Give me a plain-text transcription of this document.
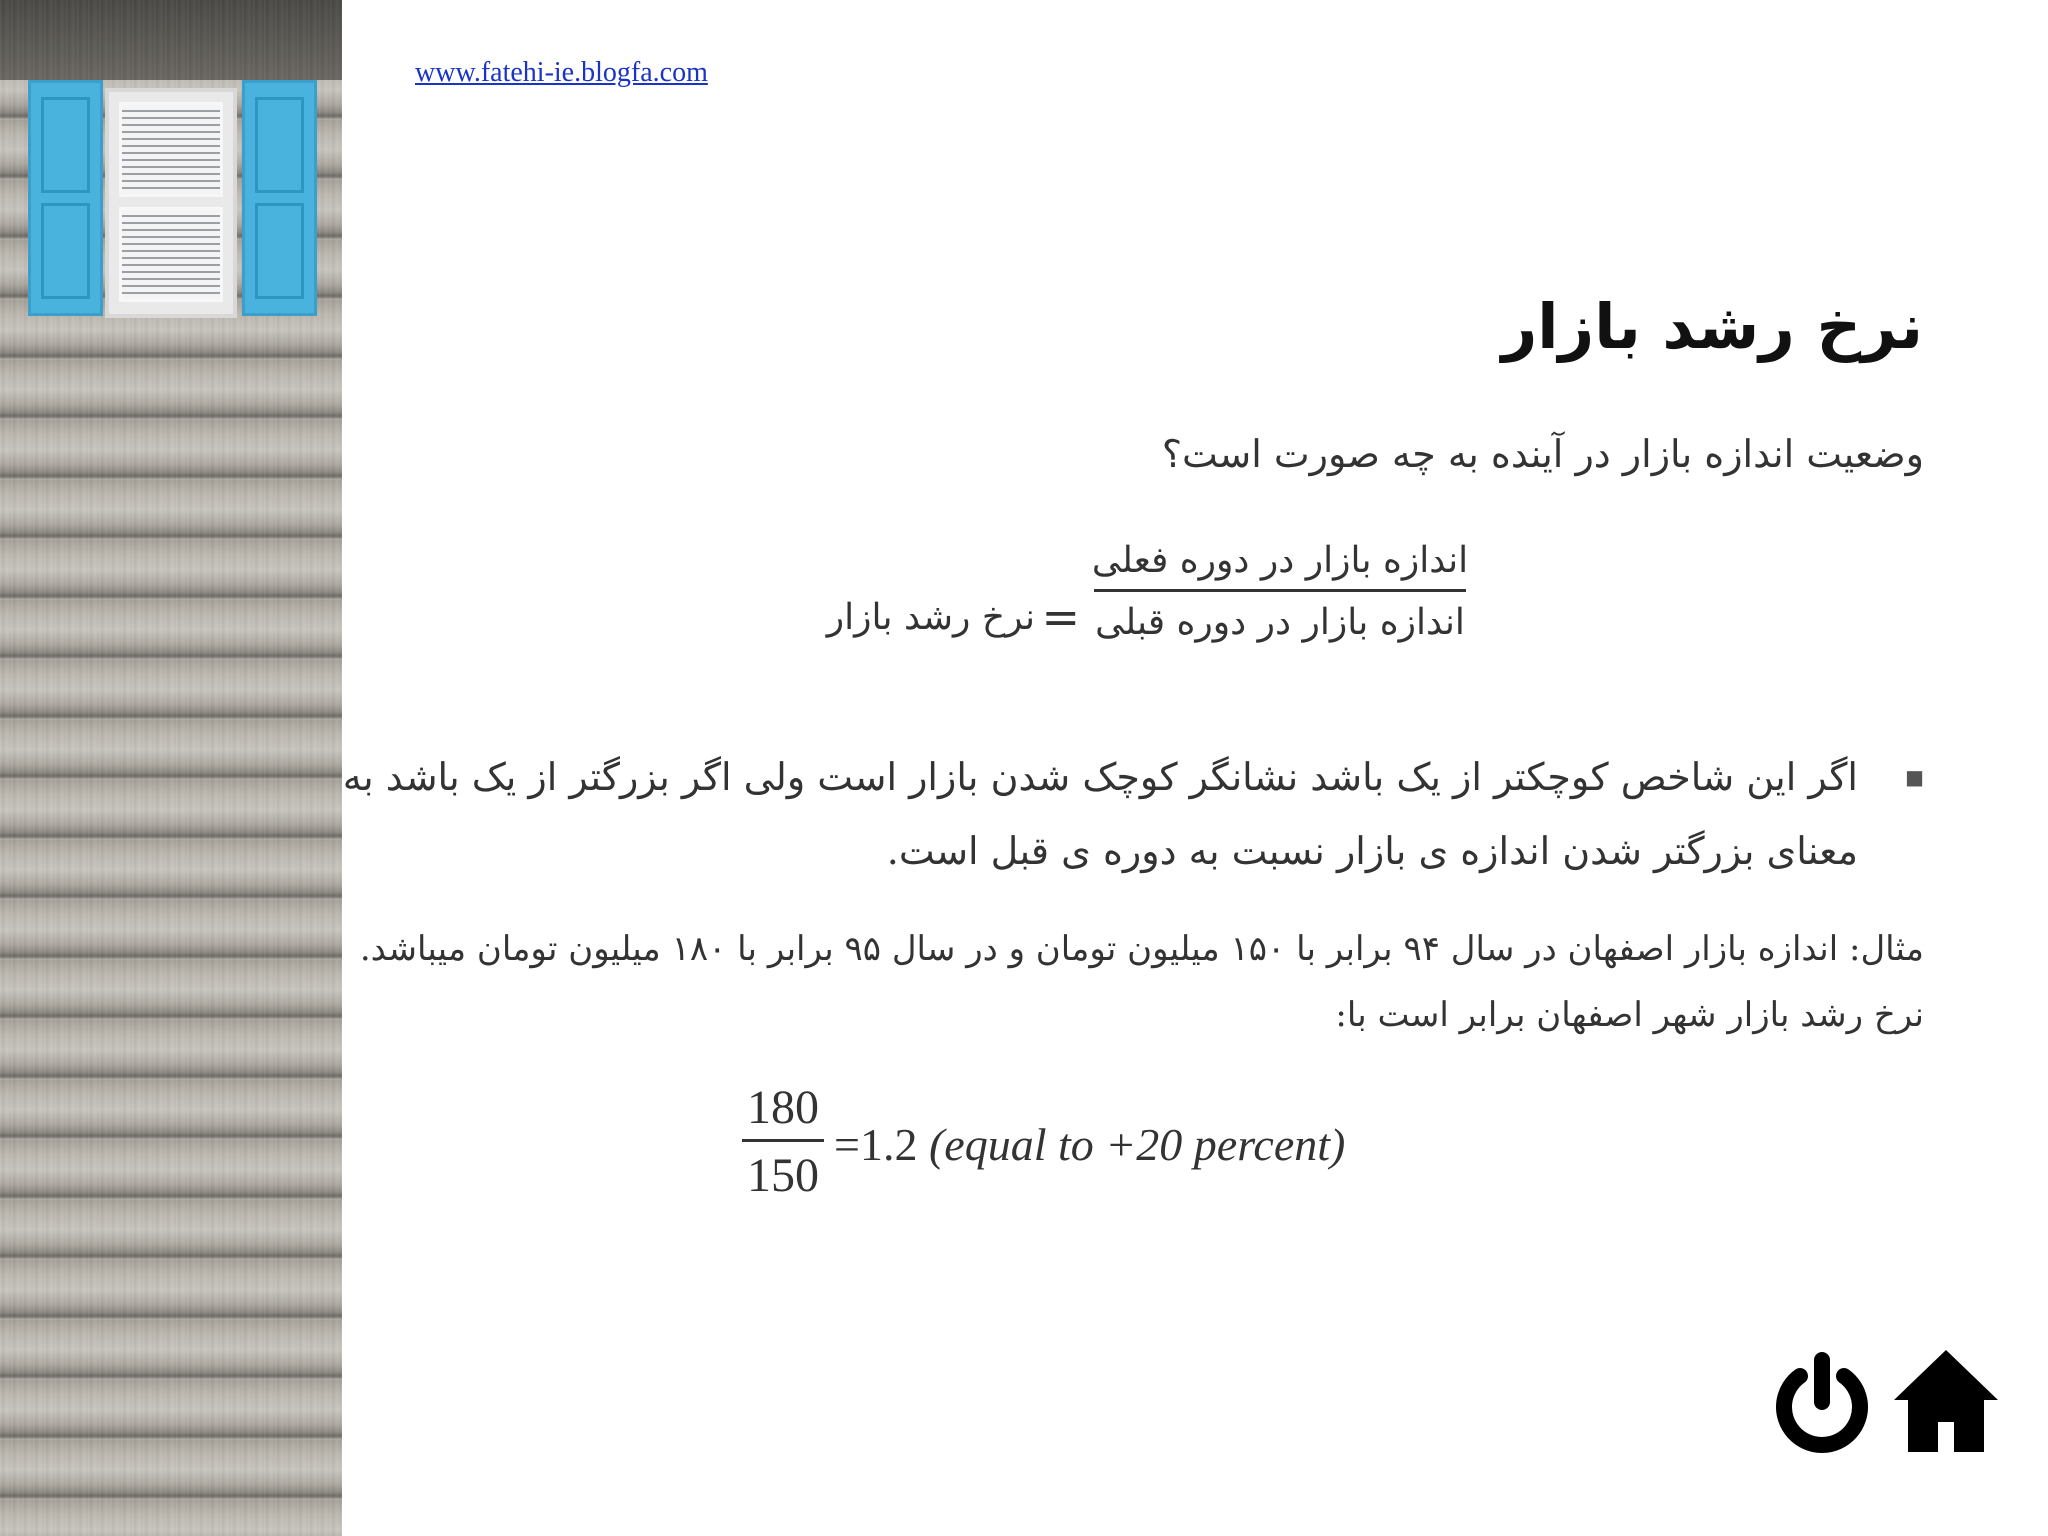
www.fatehi-ie.blogfa.com
نرخ رشد بازار
وضعیت اندازه بازار در آینده به چه صورت است؟
اندازه بازار در دوره فعلی
اندازه بازار در دوره قبلی
=
نرخ رشد بازار
■
اگر این شاخص کوچکتر از یک باشد نشانگر کوچک شدن بازار است ولی اگر بزرگتر از یک باشد به معنای بزرگتر شدن اندازه ی بازار نسبت به دوره ی قبل است.
مثال: اندازه بازار اصفهان در سال ۹۴ برابر با ۱۵۰ میلیون تومان و در سال ۹۵ برابر با ۱۸۰ میلیون تومان میباشد.
نرخ رشد بازار شهر اصفهان برابر است با:
180
150
=1.2 (equal to +20 percent)
